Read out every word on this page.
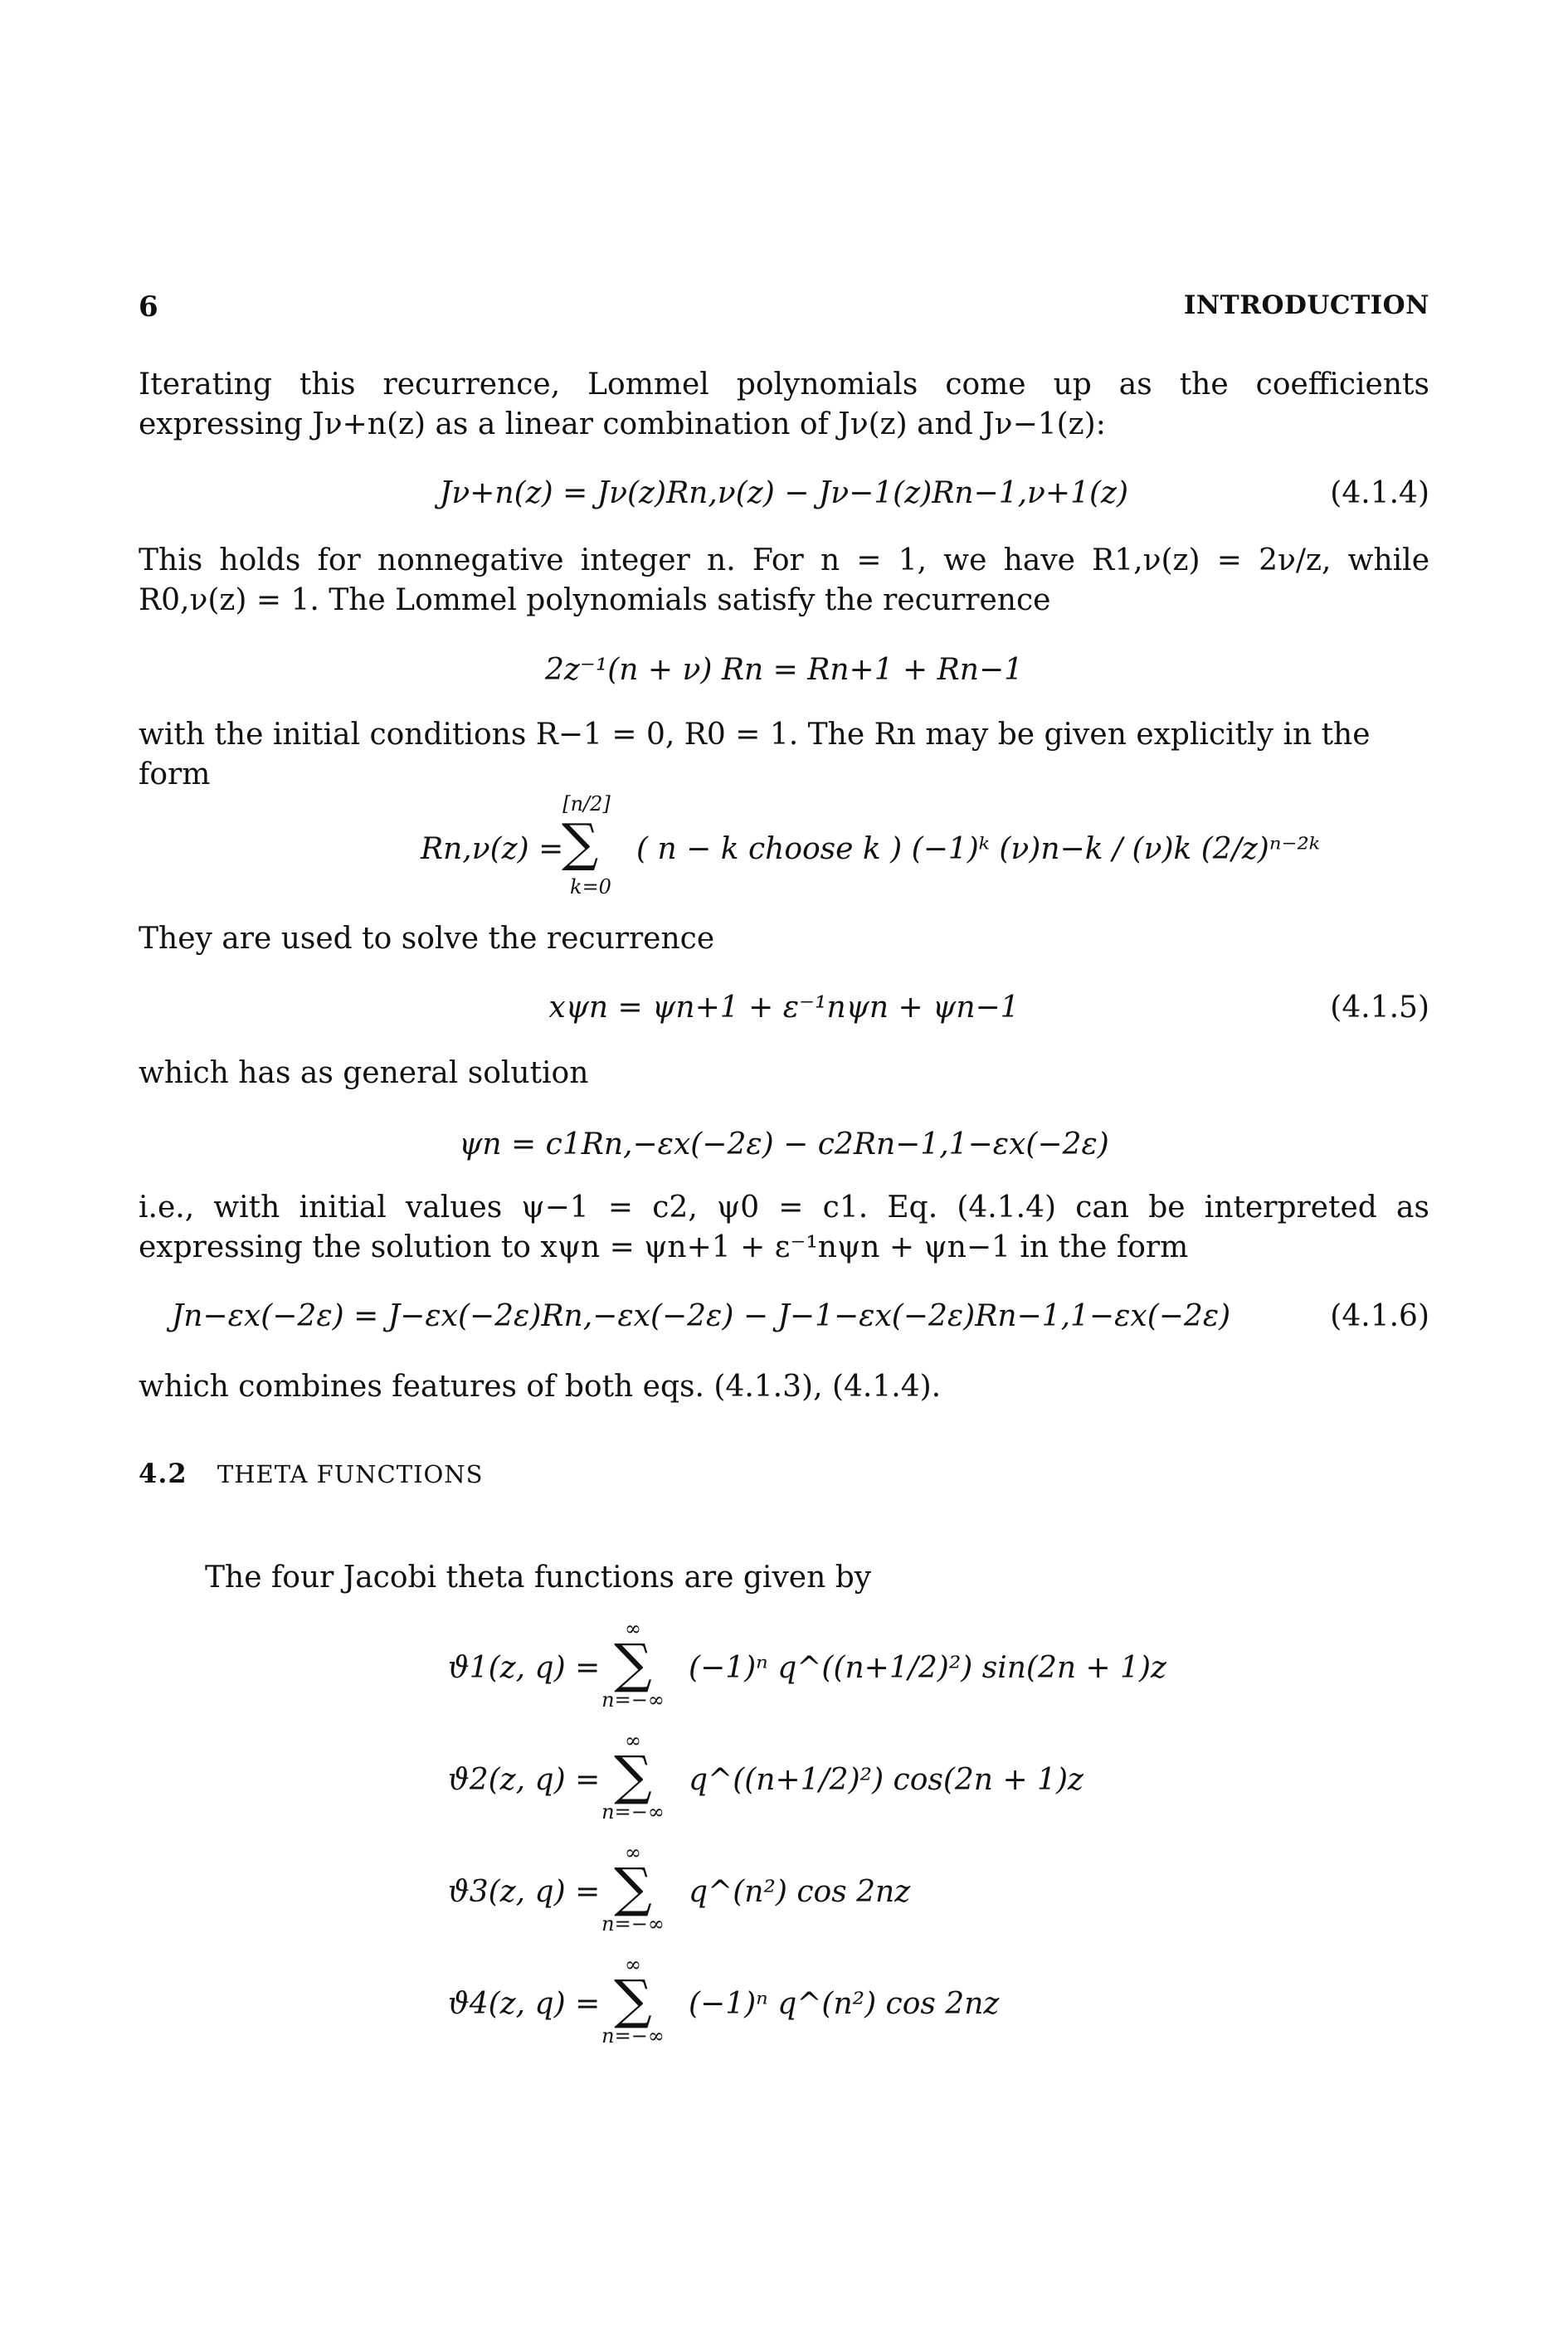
6	INTRODUCTION
Iterating this recurrence, Lommel polynomials come up as the coefficients expressing Jν+n(z) as a linear combination of Jν(z) and Jν−1(z):
Jν+n(z) = Jν(z)Rn,ν(z) − Jν−1(z)Rn−1,ν+1(z)	(4.1.4)
This holds for nonnegative integer n. For n = 1, we have R1,ν(z) = 2ν/z, while R0,ν(z) = 1. The Lommel polynomials satisfy the recurrence
2z⁻¹(n + ν) Rn = Rn+1 + Rn−1
with the initial conditions R−1 = 0, R0 = 1. The Rn may be given explicitly in the form
Rn,ν(z) =
[n/2]
∑
k=0
( n − k choose k ) (−1)ᵏ (ν)n−k / (ν)k (2/z)ⁿ⁻²ᵏ
They are used to solve the recurrence
xψn = ψn+1 + ε⁻¹nψn + ψn−1	(4.1.5)
which has as general solution
ψn = c1Rn,−εx(−2ε) − c2Rn−1,1−εx(−2ε)
i.e., with initial values ψ−1 = c2, ψ0 = c1. Eq. (4.1.4) can be interpreted as expressing the solution to xψn = ψn+1 + ε⁻¹nψn + ψn−1 in the form
Jn−εx(−2ε) = J−εx(−2ε)Rn,−εx(−2ε) − J−1−εx(−2ε)Rn−1,1−εx(−2ε)	(4.1.6)
which combines features of both eqs. (4.1.3), (4.1.4).
4.2 THETA FUNCTIONS
The four Jacobi theta functions are given by
ϑ1(z, q) =
∞
∑
n=−∞
(−1)ⁿ q^((n+1/2)²) sin(2n + 1)z
ϑ2(z, q) =
∞
∑
n=−∞
q^((n+1/2)²) cos(2n + 1)z
ϑ3(z, q) =
∞
∑
n=−∞
q^(n²) cos 2nz
ϑ4(z, q) =
∞
∑
n=−∞
(−1)ⁿ q^(n²) cos 2nz
